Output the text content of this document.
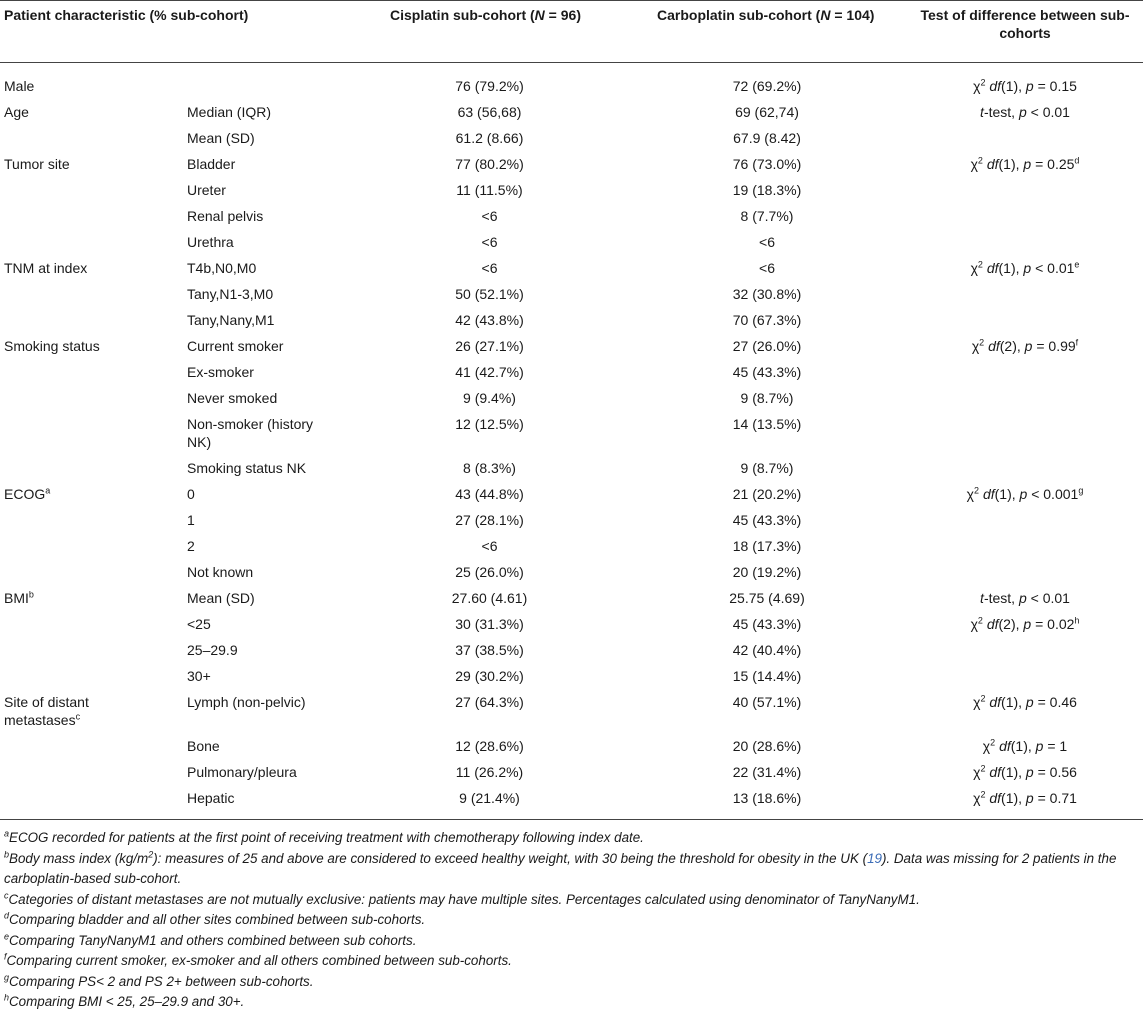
Patient characteristic (% sub-cohort)		Cisplatin sub-cohort (N = 96)	Carboplatin sub-cohort (N = 104)	Test of difference between sub-cohorts
Male		76 (79.2%)	72 (69.2%)	$\chi^2$ df(1), p = 0.15
Age	Median (IQR)	63 (56,68)	69 (62,74)	t-test, p < 0.01
	Mean (SD)	61.2 (8.66)	67.9 (8.42)	
Tumor site	Bladder	77 (80.2%)	76 (73.0%)	$\chi^2$ df(1), p = 0.25$^d$
	Ureter	11 (11.5%)	19 (18.3%)	
	Renal pelvis	<6	8 (7.7%)	
	Urethra	<6	<6	
TNM at index	T4b,N0,M0	<6	<6	$\chi^2$ df(1), p < 0.01$^e$
	Tany,N1-3,M0	50 (52.1%)	32 (30.8%)	
	Tany,Nany,M1	42 (43.8%)	70 (67.3%)	
Smoking status	Current smoker	26 (27.1%)	27 (26.0%)	$\chi^2$ df(2), p = 0.99$^f$
	Ex-smoker	41 (42.7%)	45 (43.3%)	
	Never smoked	9 (9.4%)	9 (8.7%)	
	Non-smoker (history NK)	12 (12.5%)	14 (13.5%)	
	Smoking status NK	8 (8.3%)	9 (8.7%)	
ECOG$^a$	0	43 (44.8%)	21 (20.2%)	$\chi^2$ df(1), p < 0.001$^g$
	1	27 (28.1%)	45 (43.3%)	
	2	<6	18 (17.3%)	
	Not known	25 (26.0%)	20 (19.2%)	
BMI$^b$	Mean (SD)	27.60 (4.61)	25.75 (4.69)	t-test, p < 0.01
	<25	30 (31.3%)	45 (43.3%)	$\chi^2$ df(2), p = 0.02$^h$
	25–29.9	37 (38.5%)	42 (40.4%)	
	30+	29 (30.2%)	15 (14.4%)	
Site of distant metastases$^c$	Lymph (non-pelvic)	27 (64.3%)	40 (57.1%)	$\chi^2$ df(1), p = 0.46
	Bone	12 (28.6%)	20 (28.6%)	$\chi^2$ df(1), p = 1
	Pulmonary/pleura	11 (26.2%)	22 (31.4%)	$\chi^2$ df(1), p = 0.56
	Hepatic	9 (21.4%)	13 (18.6%)	$\chi^2$ df(1), p = 0.71

$^a$ECOG recorded for patients at the first point of receiving treatment with chemotherapy following index date.

$^b$Body mass index $(kg/m^2)$: measures of 25 and above are considered to exceed healthy weight, with 30 being the threshold for obesity in the UK (19). Data was missing for 2 patients in the carboplatin-based sub-cohort.

$^c$Categories of distant metastases are not mutually exclusive: patients may have multiple sites. Percentages calculated using denominator of TanyNanyM1.

$^d$Comparing bladder and all other sites combined between sub-cohorts.

$^e$Comparing TanyNanyM1 and others combined between sub cohorts.

$^f$Comparing current smoker, ex-smoker and all others combined between sub-cohorts.

$^g$Comparing PS< 2 and PS 2+ between sub-cohorts.

$^h$Comparing BMI < 25, 25–29.9 and 30+.
